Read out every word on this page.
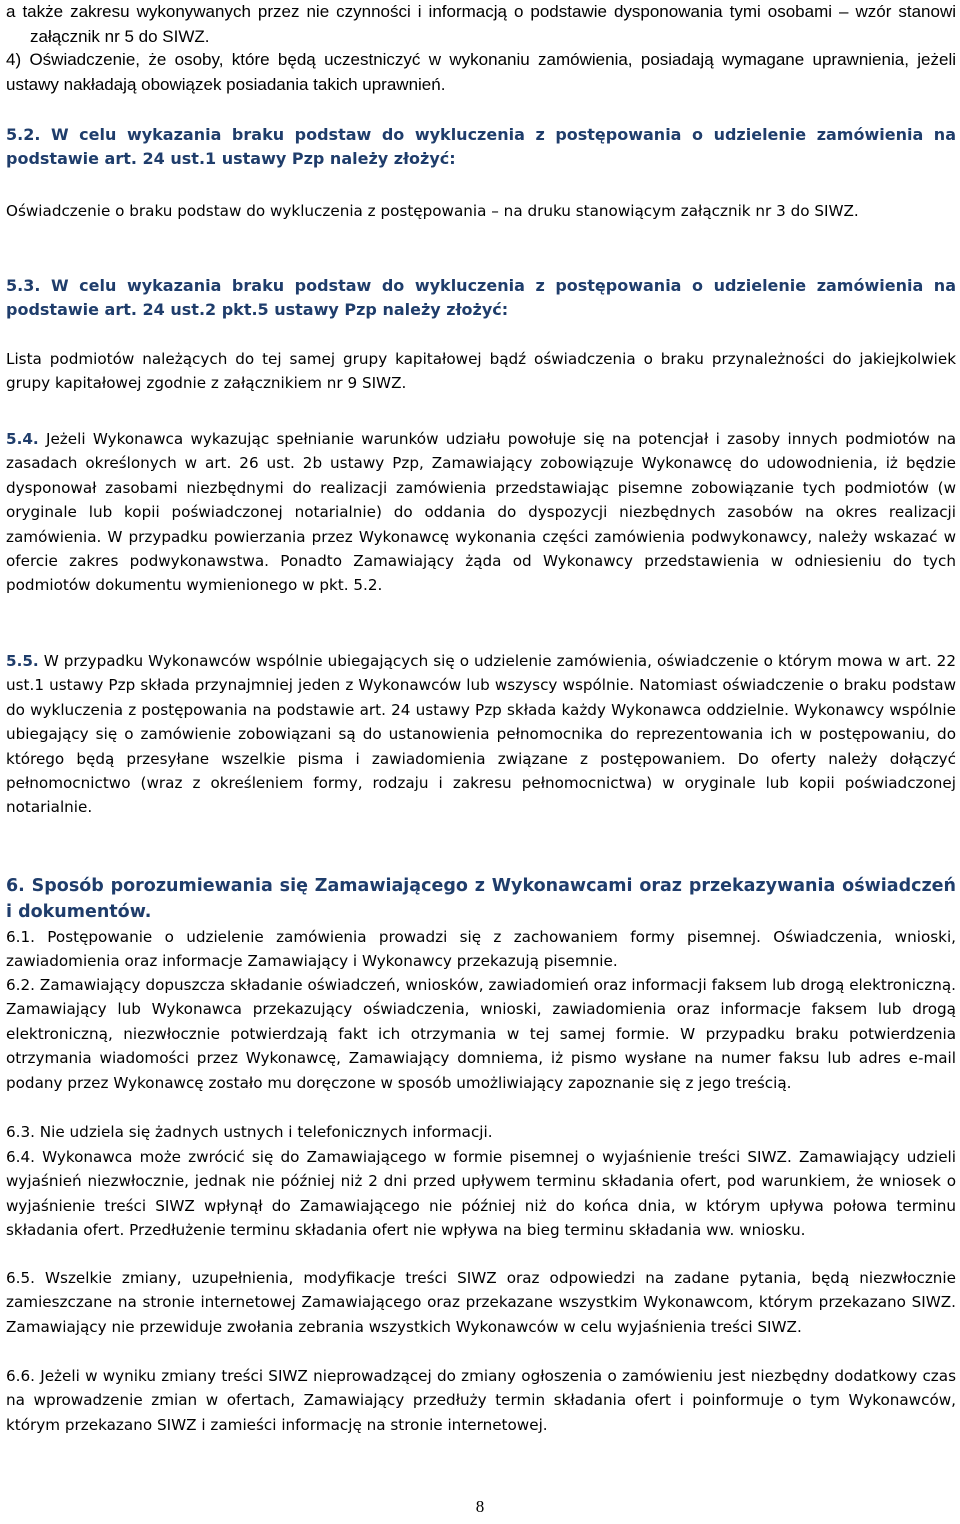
a także zakresu wykonywanych przez nie czynności i informacją o podstawie dysponowania tymi osobami – wzór stanowi załącznik nr 5 do SIWZ.

4) Oświadczenie, że osoby, które będą uczestniczyć w wykonaniu zamówienia, posiadają wymagane uprawnienia, jeżeli ustawy nakładają obowiązek posiadania takich uprawnień.

5.2. W celu wykazania braku podstaw do wykluczenia z postępowania o udzielenie zamówienia na podstawie art. 24 ust.1 ustawy Pzp należy złożyć:

Oświadczenie o braku podstaw do wykluczenia z postępowania – na druku stanowiącym załącznik nr 3 do SIWZ.

5.3. W celu wykazania braku podstaw do wykluczenia z postępowania o udzielenie zamówienia na podstawie art. 24 ust.2 pkt.5 ustawy Pzp należy złożyć:

Lista podmiotów należących do tej samej grupy kapitałowej bądź oświadczenia o braku przynależności do jakiejkolwiek grupy kapitałowej zgodnie z załącznikiem nr 9 SIWZ.

5.4. Jeżeli Wykonawca wykazując spełnianie warunków udziału powołuje się na potencjał i zasoby innych podmiotów na zasadach określonych w art. 26 ust. 2b ustawy Pzp, Zamawiający zobowiązuje Wykonawcę do udowodnienia, iż będzie dysponował zasobami niezbędnymi do realizacji zamówienia przedstawiając pisemne zobowiązanie tych podmiotów (w oryginale lub kopii poświadczonej notarialnie) do oddania do dyspozycji niezbędnych zasobów na okres realizacji zamówienia. W przypadku powierzania przez Wykonawcę wykonania części zamówienia podwykonawcy, należy wskazać w ofercie zakres podwykonawstwa. Ponadto Zamawiający żąda od Wykonawcy przedstawienia w odniesieniu do tych podmiotów dokumentu wymienionego w pkt. 5.2.

5.5. W przypadku Wykonawców wspólnie ubiegających się o udzielenie zamówienia, oświadczenie o którym mowa w art. 22 ust.1 ustawy Pzp składa przynajmniej jeden z Wykonawców lub wszyscy wspólnie. Natomiast oświadczenie o braku podstaw do wykluczenia z postępowania na podstawie art. 24 ustawy Pzp składa każdy Wykonawca oddzielnie. Wykonawcy wspólnie ubiegający się o zamówienie zobowiązani są do ustanowienia pełnomocnika do reprezentowania ich w postępowaniu, do którego będą przesyłane wszelkie pisma i zawiadomienia związane z postępowaniem. Do oferty należy dołączyć pełnomocnictwo (wraz z określeniem formy, rodzaju i zakresu pełnomocnictwa) w oryginale lub kopii poświadczonej notarialnie.

6. Sposób porozumiewania się Zamawiającego z Wykonawcami oraz przekazywania oświadczeń i dokumentów.

6.1. Postępowanie o udzielenie zamówienia prowadzi się z zachowaniem formy pisemnej. Oświadczenia, wnioski, zawiadomienia oraz informacje Zamawiający i Wykonawcy przekazują pisemnie.

6.2. Zamawiający dopuszcza składanie oświadczeń, wniosków, zawiadomień oraz informacji faksem lub drogą elektroniczną. Zamawiający lub Wykonawca przekazujący oświadczenia, wnioski, zawiadomienia oraz informacje faksem lub drogą elektroniczną, niezwłocznie potwierdzają fakt ich otrzymania w tej samej formie. W przypadku braku potwierdzenia otrzymania wiadomości przez Wykonawcę, Zamawiający domniema, iż pismo wysłane na numer faksu lub adres e-mail podany przez Wykonawcę zostało mu doręczone w sposób umożliwiający zapoznanie się z jego treścią.

6.3. Nie udziela się żadnych ustnych i telefonicznych informacji.

6.4. Wykonawca może zwrócić się do Zamawiającego w formie pisemnej o wyjaśnienie treści SIWZ. Zamawiający udzieli wyjaśnień niezwłocznie, jednak nie później niż 2 dni przed upływem terminu składania ofert, pod warunkiem, że wniosek o wyjaśnienie treści SIWZ wpłynął do Zamawiającego nie później niż do końca dnia, w którym upływa połowa terminu składania ofert. Przedłużenie terminu składania ofert nie wpływa na bieg terminu składania ww. wniosku.

6.5. Wszelkie zmiany, uzupełnienia, modyfikacje treści SIWZ oraz odpowiedzi na zadane pytania, będą niezwłocznie zamieszczane na stronie internetowej Zamawiającego oraz przekazane wszystkim Wykonawcom, którym przekazano SIWZ. Zamawiający nie przewiduje zwołania zebrania wszystkich Wykonawców w celu wyjaśnienia treści SIWZ.

6.6. Jeżeli w wyniku zmiany treści SIWZ nieprowadzącej do zmiany ogłoszenia o zamówieniu jest niezbędny dodatkowy czas na wprowadzenie zmian w ofertach, Zamawiający przedłuży termin składania ofert i poinformuje o tym Wykonawców, którym przekazano SIWZ i zamieści informację na stronie internetowej.

8
